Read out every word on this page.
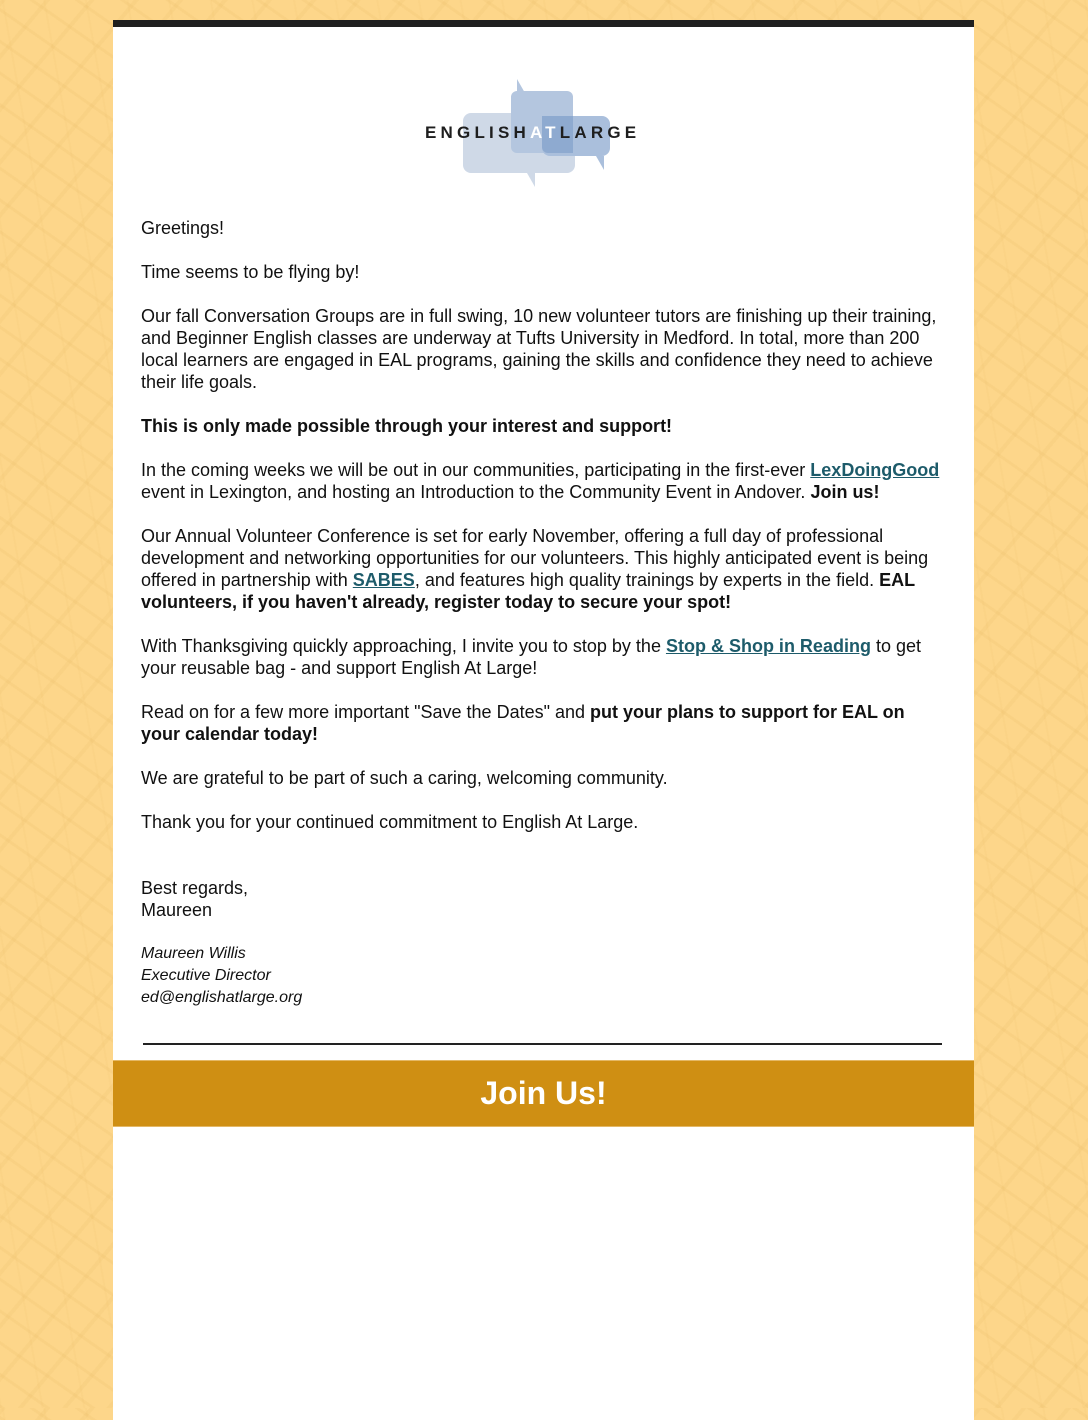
ENGLISHATLARGE

Greetings!

Time seems to be flying by!

Our fall Conversation Groups are in full swing, 10 new volunteer tutors are finishing up their training, and Beginner English classes are underway at Tufts University in Medford. In total, more than 200 local learners are engaged in EAL programs, gaining the skills and confidence they need to achieve their life goals.

This is only made possible through your interest and support!

In the coming weeks we will be out in our communities, participating in the first-ever LexDoingGood event in Lexington, and hosting an Introduction to the Community Event in Andover. Join us!

Our Annual Volunteer Conference is set for early November, offering a full day of professional development and networking opportunities for our volunteers. This highly anticipated event is being offered in partnership with SABES, and features high quality trainings by experts in the field. EAL volunteers, if you haven't already, register today to secure your spot!

With Thanksgiving quickly approaching, I invite you to stop by the Stop & Shop in Reading to get your reusable bag - and support English At Large!

Read on for a few more important "Save the Dates" and put your plans to support for EAL on your calendar today!

We are grateful to be part of such a caring, welcoming community.

Thank you for your continued commitment to English At Large.

Best regards,
Maureen

Maureen Willis
Executive Director
ed@englishatlarge.org
Join Us!
